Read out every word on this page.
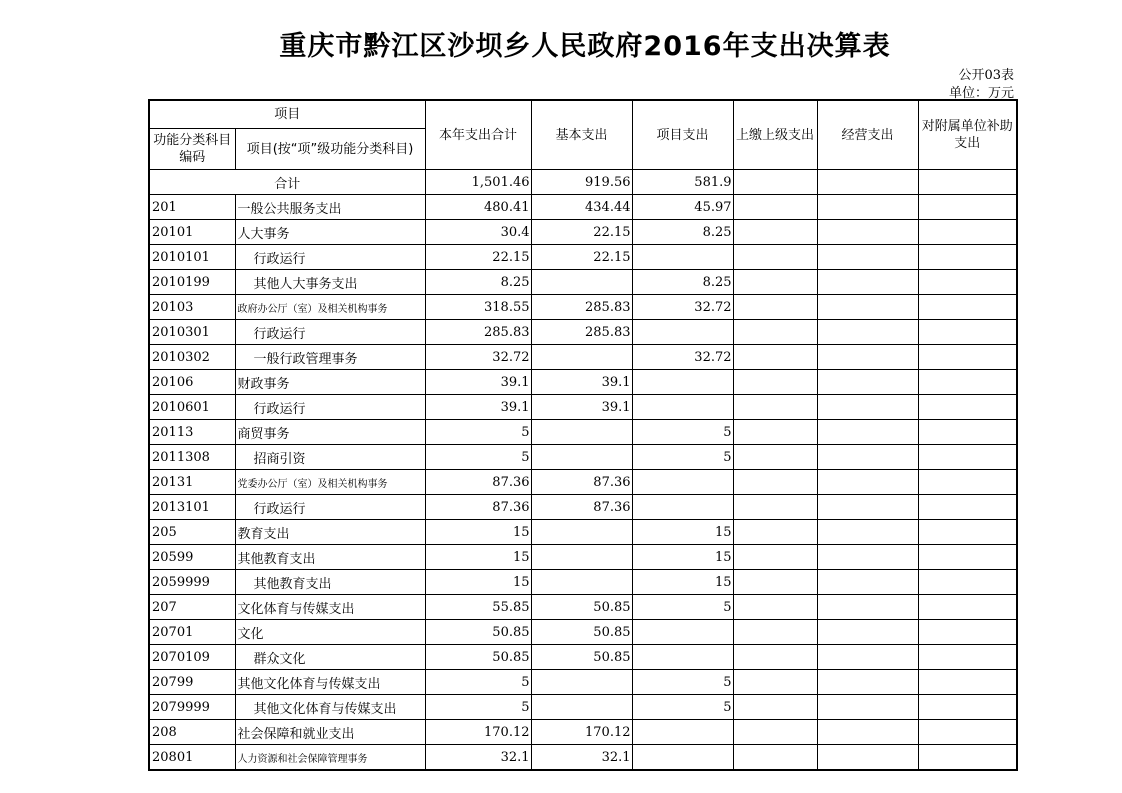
重庆市黔江区沙坝乡人民政府2016年支出决算表
公开03表
单位：万元
项目		本年支出合计	基本支出	项目支出	上缴上级支出	经营支出	对附属单位补助支出
功能分类科目编码	项目(按“项”级功能分类科目)						
合计		1,501.46	919.56	581.9			
201	一般公共服务支出	480.41	434.44	45.97			
20101	人大事务	30.4	22.15	8.25			
2010101	行政运行	22.15	22.15				
2010199	其他人大事务支出	8.25		8.25			
20103	政府办公厅（室）及相关机构事务	318.55	285.83	32.72			
2010301	行政运行	285.83	285.83				
2010302	一般行政管理事务	32.72		32.72			
20106	财政事务	39.1	39.1				
2010601	行政运行	39.1	39.1				
20113	商贸事务	5		5			
2011308	招商引资	5		5			
20131	党委办公厅（室）及相关机构事务	87.36	87.36				
2013101	行政运行	87.36	87.36				
205	教育支出	15		15			
20599	其他教育支出	15		15			
2059999	其他教育支出	15		15			
207	文化体育与传媒支出	55.85	50.85	5			
20701	文化	50.85	50.85				
2070109	群众文化	50.85	50.85				
20799	其他文化体育与传媒支出	5		5			
2079999	其他文化体育与传媒支出	5		5			
208	社会保障和就业支出	170.12	170.12				
20801	人力资源和社会保障管理事务	32.1	32.1				
